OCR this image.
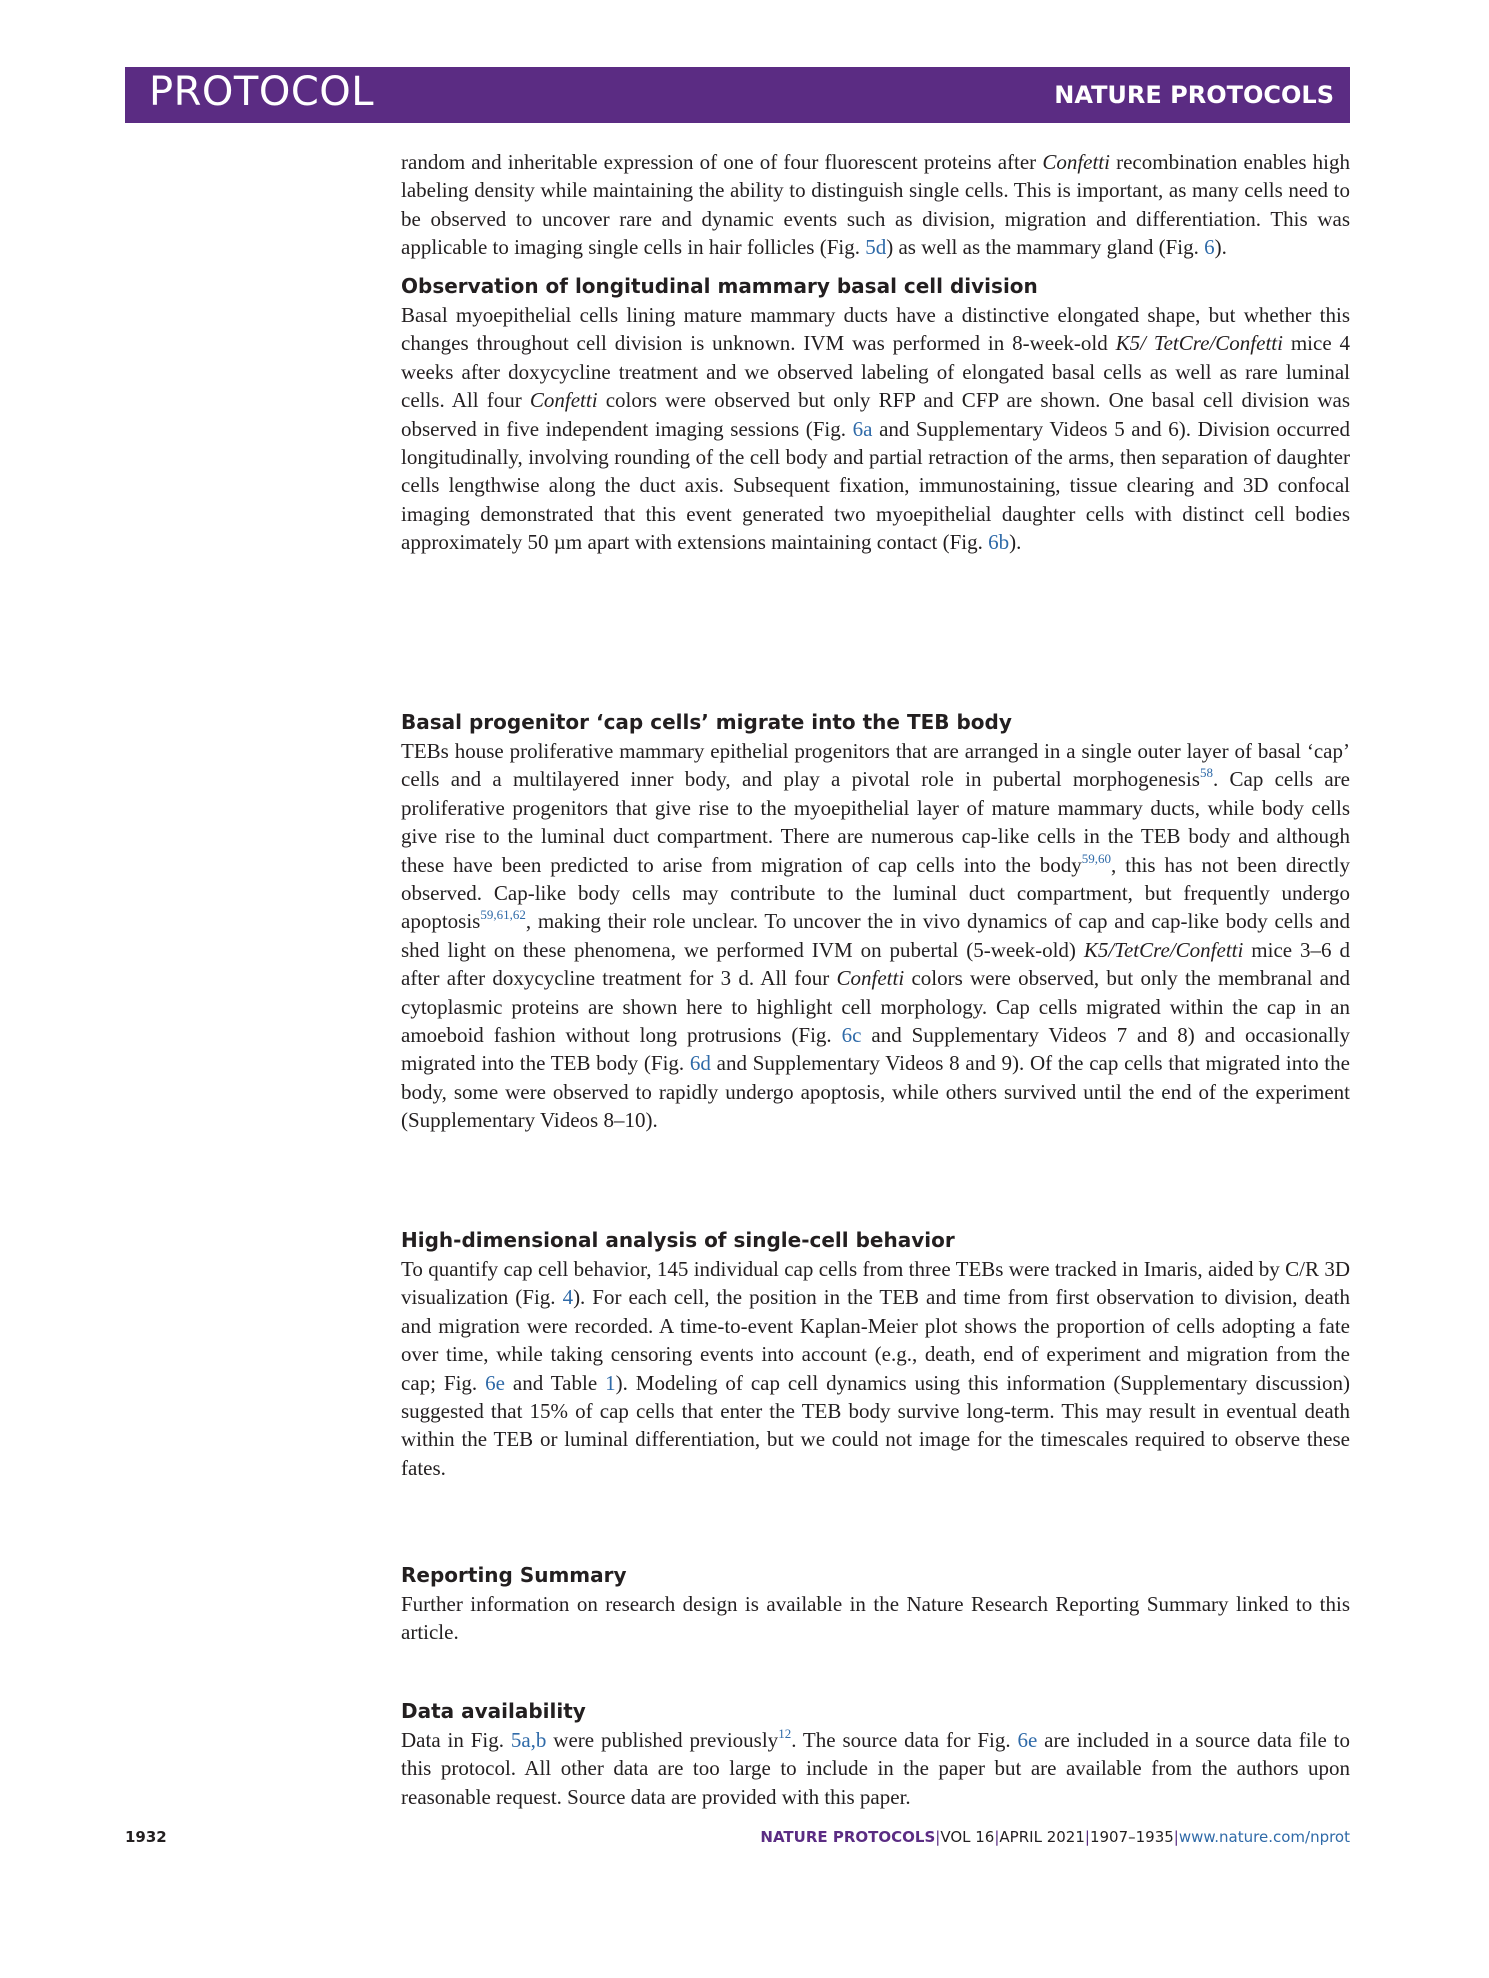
PROTOCOL	NATURE PROTOCOLS

random and inheritable expression of one of four fluorescent proteins after Confetti recombination enables high labeling density while maintaining the ability to distinguish single cells. This is important, as many cells need to be observed to uncover rare and dynamic events such as division, migration and differentiation. This was applicable to imaging single cells in hair follicles (Fig. 5d) as well as the mammary gland (Fig. 6).

Observation of longitudinal mammary basal cell division

Basal myoepithelial cells lining mature mammary ducts have a distinctive elongated shape, but whether this changes throughout cell division is unknown. IVM was performed in 8-week-old K5/ TetCre/Confetti mice 4 weeks after doxycycline treatment and we observed labeling of elongated basal cells as well as rare luminal cells. All four Confetti colors were observed but only RFP and CFP are shown. One basal cell division was observed in five independent imaging sessions (Fig. 6a and Supplementary Videos 5 and 6). Division occurred longitudinally, involving rounding of the cell body and partial retraction of the arms, then separation of daughter cells lengthwise along the duct axis. Subsequent fixation, immunostaining, tissue clearing and 3D confocal imaging demonstrated that this event generated two myoepithelial daughter cells with distinct cell bodies approximately 50 µm apart with extensions maintaining contact (Fig. 6b).

Basal progenitor ‘cap cells’ migrate into the TEB body

TEBs house proliferative mammary epithelial progenitors that are arranged in a single outer layer of basal ‘cap’ cells and a multilayered inner body, and play a pivotal role in pubertal morphogenesis$^{58}$. Cap cells are proliferative progenitors that give rise to the myoepithelial layer of mature mammary ducts, while body cells give rise to the luminal duct compartment. There are numerous cap-like cells in the TEB body and although these have been predicted to arise from migration of cap cells into the body$^{59,60}$, this has not been directly observed. Cap-like body cells may contribute to the luminal duct compartment, but frequently undergo apoptosis$^{59,61,62}$, making their role unclear. To uncover the in vivo dynamics of cap and cap-like body cells and shed light on these phenomena, we performed IVM on pubertal (5-week-old) K5/TetCre/Confetti mice 3–6 d after after doxycycline treatment for 3 d. All four Confetti colors were observed, but only the membranal and cytoplasmic proteins are shown here to highlight cell morphology. Cap cells migrated within the cap in an amoeboid fashion without long protrusions (Fig. 6c and Supplementary Videos 7 and 8) and occasionally migrated into the TEB body (Fig. 6d and Supplementary Videos 8 and 9). Of the cap cells that migrated into the body, some were observed to rapidly undergo apoptosis, while others survived until the end of the experiment (Supplementary Videos 8–10).

High-dimensional analysis of single-cell behavior

To quantify cap cell behavior, 145 individual cap cells from three TEBs were tracked in Imaris, aided by C/R 3D visualization (Fig. 4). For each cell, the position in the TEB and time from first observation to division, death and migration were recorded. A time-to-event Kaplan-Meier plot shows the proportion of cells adopting a fate over time, while taking censoring events into account (e.g., death, end of experiment and migration from the cap; Fig. 6e and Table 1). Modeling of cap cell dynamics using this information (Supplementary discussion) suggested that 15% of cap cells that enter the TEB body survive long-term. This may result in eventual death within the TEB or luminal differentiation, but we could not image for the timescales required to observe these fates.

Reporting Summary

Further information on research design is available in the Nature Research Reporting Summary linked to this article.

Data availability

Data in Fig. 5a,b were published previously$^{12}$. The source data for Fig. 6e are included in a source data file to this protocol. All other data are too large to include in the paper but are available from the authors upon reasonable request. Source data are provided with this paper.

1932	NATURE PROTOCOLS|VOL 16|APRIL 2021|1907–1935|www.nature.com/nprot
